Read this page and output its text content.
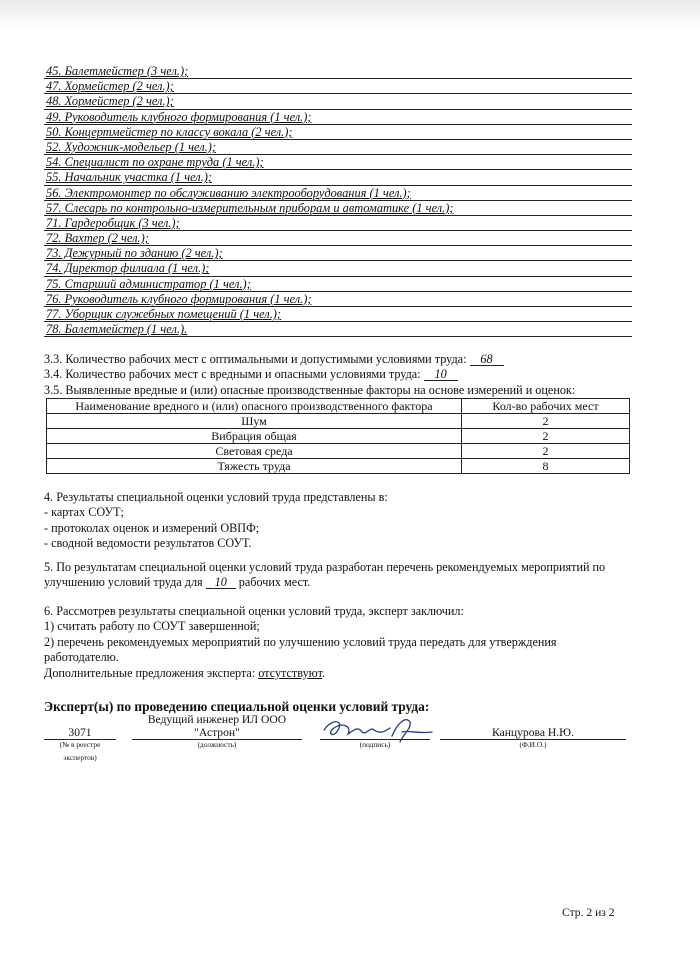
45. Балетмейстер (3 чел.);
47. Хормейстер (2 чел.);
48. Хормейстер (2 чел.);
49. Руководитель клубного формирования (1 чел.);
50. Концертмейстер по классу вокала (2 чел.);
52. Художник-модельер (1 чел.);
54. Специалист по охране труда (1 чел.);
55. Начальник участка (1 чел.);
56. Электромонтер по обслуживанию электрооборудования (1 чел.);
57. Слесарь по контрольно-измерительным приборам и автоматике (1 чел.);
71. Гардеробщик (3 чел.);
72. Вахтер (2 чел.);
73. Дежурный по зданию (2 чел.);
74. Директор филиала (1 чел.);
75. Старший администратор (1 чел.);
76. Руководитель клубного формирования (1 чел.);
77. Уборщик служебных помещений (1 чел.);
78. Балетмейстер (1 чел.).
3.3. Количество рабочих мест с оптимальными и допустимыми условиями труда: 68
3.4. Количество рабочих мест с вредными и опасными условиями труда: 10
3.5. Выявленные вредные и (или) опасные производственные факторы на основе измерений и оценок:
Наименование вредного и (или) опасного производственного фактора	Кол-во рабочих мест
Шум	2
Вибрация общая	2
Световая среда	2
Тяжесть труда	8
4. Результаты специальной оценки условий труда представлены в:
- картах СОУТ;
- протоколах оценок и измерений ОВПФ;
- сводной ведомости результатов СОУТ.
5. По результатам специальной оценки условий труда разработан перечень рекомендуемых мероприятий по
улучшению условий труда для 10 рабочих мест.
6. Рассмотрев результаты специальной оценки условий труда, эксперт заключил:
1) считать работу по СОУТ завершенной;
2) перечень рекомендуемых мероприятий по улучшению условий труда передать для утверждения
работодателю.
Дополнительные предложения эксперта: отсутствуют.
Эксперт(ы) по проведению специальной оценки условий труда:
3071
(№ в реестре
экспертов)
Ведущий инженер ИЛ ООО
"Астрон"
(должность)	(подпись)
Канцурова Н.Ю.
(Ф.И.О.)
Стр. 2 из 2
